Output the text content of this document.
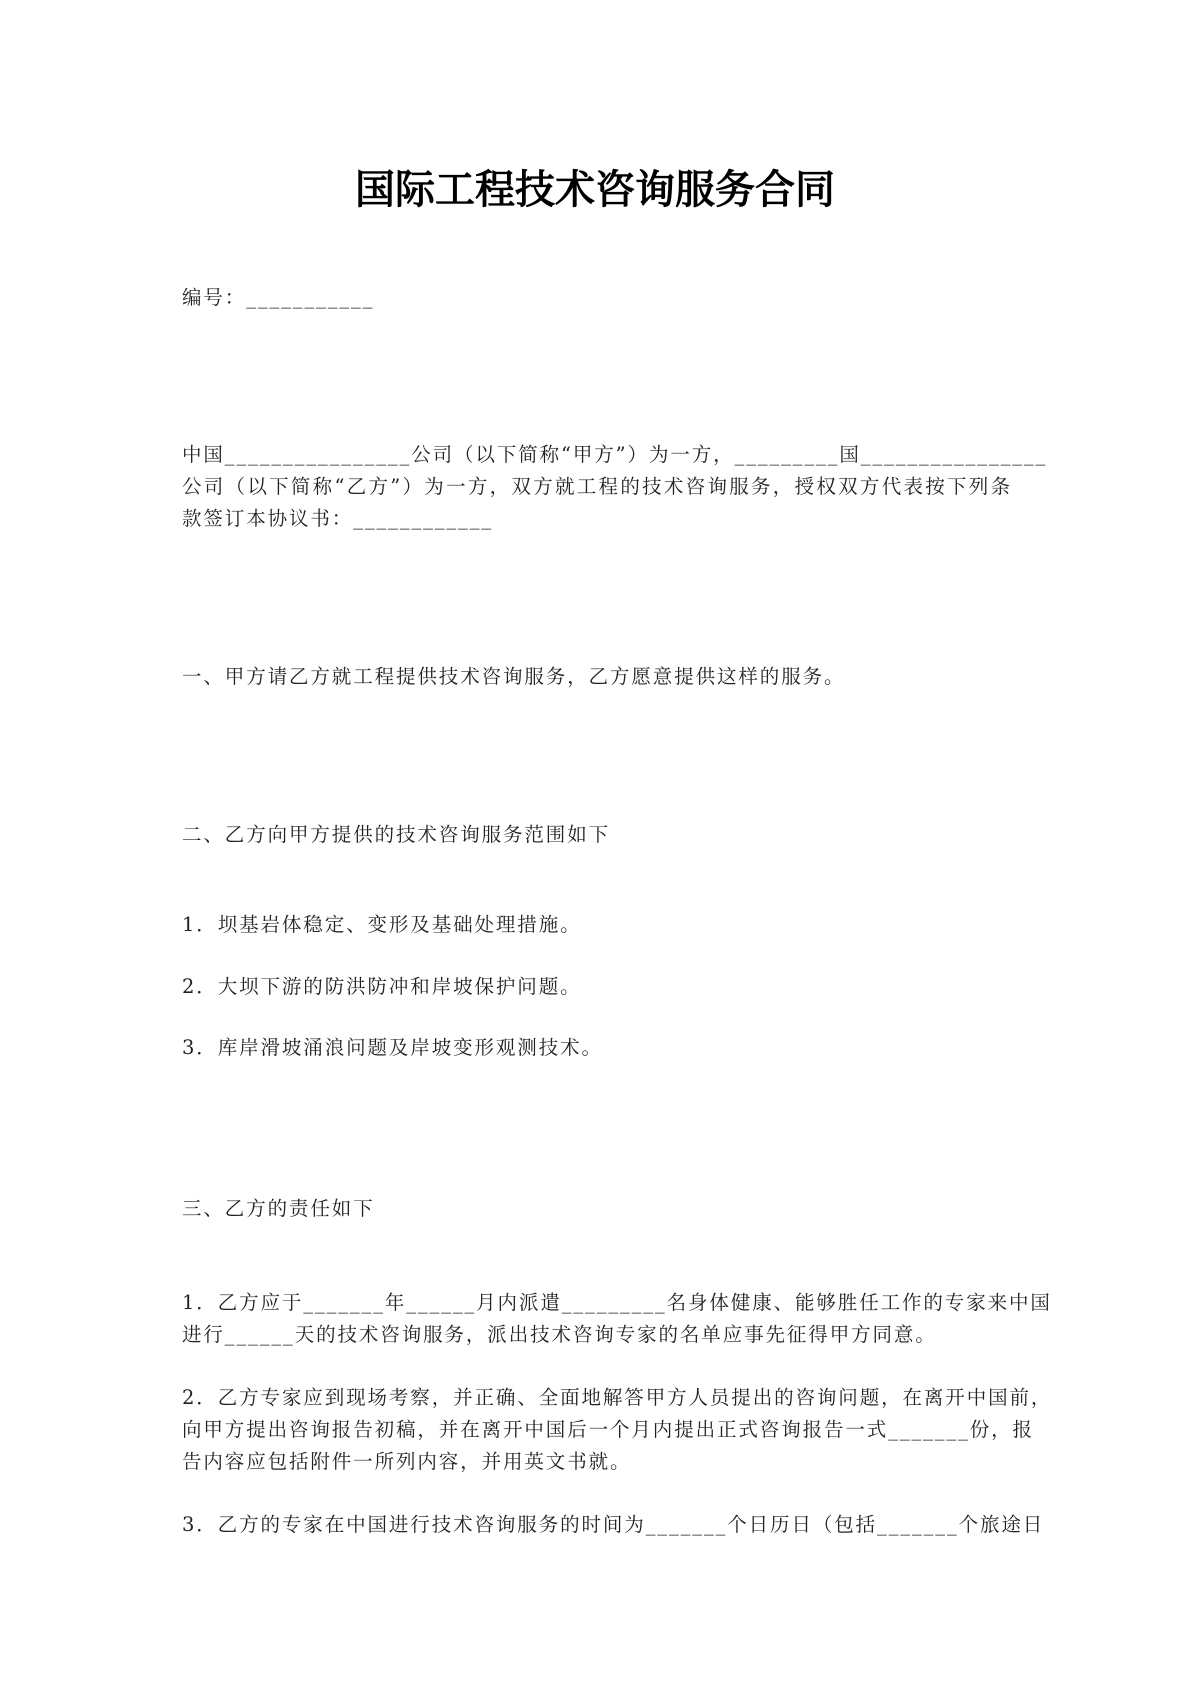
国际工程技术咨询服务合同
编号：___________
中国________________公司（以下简称“甲方”）为一方，_________国________________
公司（以下简称“乙方”）为一方，双方就工程的技术咨询服务，授权双方代表按下列条
款签订本协议书：____________
一、甲方请乙方就工程提供技术咨询服务，乙方愿意提供这样的服务。
二、乙方向甲方提供的技术咨询服务范围如下
1．坝基岩体稳定、变形及基础处理措施。
2．大坝下游的防洪防冲和岸坡保护问题。
3．库岸滑坡涌浪问题及岸坡变形观测技术。
三、乙方的责任如下
1．乙方应于_______年______月内派遣_________名身体健康、能够胜任工作的专家来中国
进行______天的技术咨询服务，派出技术咨询专家的名单应事先征得甲方同意。
2．乙方专家应到现场考察，并正确、全面地解答甲方人员提出的咨询问题，在离开中国前，
向甲方提出咨询报告初稿，并在离开中国后一个月内提出正式咨询报告一式_______份，报
告内容应包括附件一所列内容，并用英文书就。
3．乙方的专家在中国进行技术咨询服务的时间为_______个日历日（包括_______个旅途日
